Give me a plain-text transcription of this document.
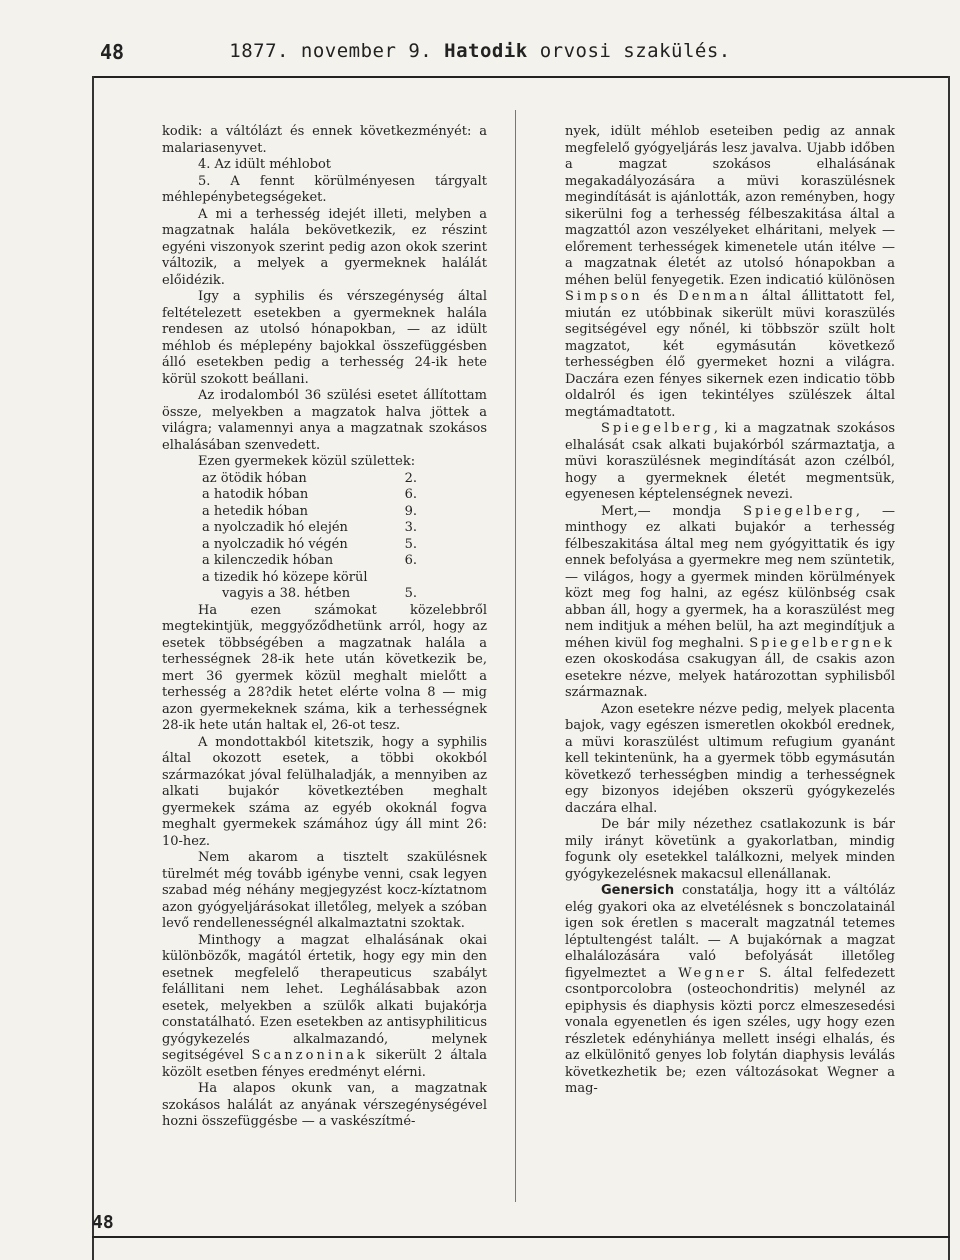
48	1877. november 9. Hatodik orvosi szakülés.
48

kodik: a váltólázt és ennek következményét: a malariasenyvet.

4. Az idült méhlobot

5. A fennt körülményesen tárgyalt méhlepénybetegségeket.

A mi a terhesség idejét illeti, melyben a magzatnak halála bekövetkezik, ez részint egyéni viszonyok szerint pedig azon okok szerint változik, a melyek a gyermeknek halálát előidézik.

Igy a syphilis és vérszegénység által feltételezett esetekben a gyermeknek halála rendesen az utolsó hónapokban, — az idült méhlob és méplepény bajokkal összefüggésben álló esetekben pedig a terhesség 24-ik hete körül szokott beállani.

Az irodalomból 36 szülési esetet állítottam össze, melyekben a magzatok halva jöttek a világra; valamennyi anya a magzatnak szokásos elhalásában szenvedett.

Ezen gyermekek közül születtek:

az ötödik hóban	2.
a hatodik hóban	6.
a hetedik hóban	9.
a nyolczadik hó elején	3.
a nyolczadik hó végén	5.
a kilenczedik hóban	6.
a tizedik hó közepe körül
vagyis a 38. hétben	5.

Ha ezen számokat közelebbről megtekintjük, meggyőződhetünk arról, hogy az esetek többségében a magzatnak halála a terhességnek 28-ik hete után következik be, mert 36 gyermek közül meghalt mielőtt a terhesség a 28?dik hetet elérte volna 8 — mig azon gyermekeknek száma, kik a terhességnek 28-ik hete után haltak el, 26-ot tesz.

A mondottakból kitetszik, hogy a syphilis által okozott esetek, a többi okokból származókat jóval felülhaladják, a mennyiben az alkati bujakór következtében meghalt gyermekek száma az egyéb okoknál fogva meghalt gyermekek számához úgy áll mint 26: 10-hez.

Nem akarom a tisztelt szakülésnek türelmét még tovább igénybe venni, csak legyen szabad még néhány megjegyzést kocz-kíztatnom azon gyógyeljárásokat illetőleg, melyek a szóban levő rendellenességnél alkalmaztatni szoktak.

Minthogy a magzat elhalásának okai különbözők, magától értetik, hogy egy min den esetnek megfelelő therapeuticus szabályt felállitani nem lehet. Leghálásabbak azon esetek, melyekben a szülők alkati bujakórja constatálható. Ezen esetekben az antisyphiliticus gyógykezelés alkalmazandó, melynek segitségével Scanzoninak sikerült 2 általa közölt esetben fényes eredményt elérni.

Ha alapos okunk van, a magzatnak szokásos halálát az anyának vérszegénységével hozni összefüggésbe — a vaskészítmé-

nyek, idült méhlob eseteiben pedig az annak megfelelő gyógyeljárás lesz javalva. Ujabb időben a magzat szokásos elhalásának megakadályozására a müvi koraszülésnek megindítását is ajánlották, azon reményben, hogy sikerülni fog a terhesség félbeszakitása által a magzattól azon veszélyeket elháritani, melyek — előrement terhességek kimenetele után itélve — a magzatnak életét az utolsó hónapokban a méhen belül fenyegetik. Ezen indicatió különösen Simpson és Denman által állittatott fel, miután ez utóbbinak sikerült müvi koraszülés segitségével egy nőnél, ki többször szült holt magzatot, két egymásután következő terhességben élő gyermeket hozni a világra. Daczára ezen fényes sikernek ezen indicatio több oldalról és igen tekintélyes szülészek által megtámadtatott.

Spiegelberg, ki a magzatnak szokásos elhalását csak alkati bujakórból származtatja, a müvi koraszülésnek megindítását azon czélból, hogy a gyermeknek életét megmentsük, egyenesen képtelenségnek nevezi.

Mert,— mondja Spiegelberg, — minthogy ez alkati bujakór a terhesség félbeszakitása által meg nem gyógyittatik és igy ennek befolyása a gyermekre meg nem szüntetik, — világos, hogy a gyermek minden körülmények közt meg fog halni, az egész különbség csak abban áll, hogy a gyermek, ha a koraszülést meg nem inditjuk a méhen belül, ha azt megindítjuk a méhen kivül fog meghalni. Spiegelbergnek ezen okoskodása csakugyan áll, de csakis azon esetekre nézve, melyek határozottan syphilisből származnak.

Azon esetekre nézve pedig, melyek placenta bajok, vagy egészen ismeretlen okokból erednek, a müvi koraszülést ultimum refugium gyanánt kell tekintenünk, ha a gyermek több egymásután következő terhességben mindig a terhességnek egy bizonyos idejében okszerü gyógykezelés daczára elhal.

De bár mily nézethez csatlakozunk is bár mily irányt követünk a gyakorlatban, mindig fogunk oly esetekkel találkozni, melyek minden gyógykezelésnek makacsul ellenállanak.

Genersich constatálja, hogy itt a váltóláz elég gyakori oka az elvetélésnek s bonczolatainál igen sok éretlen s maceralt magzatnál tetemes léptultengést talált. — A bujakórnak a magzat elhalálozására való befolyását illetőleg figyelmeztet a Wegner S. által felfedezett csontporcolobra (osteochondritis) melynél az epiphysis és diaphysis közti porcz elmeszesedési vonala egyenetlen és igen széles, ugy hogy ezen részletek edényhiánya mellett inségi elhalás, és az elkülönitő genyes lob folytán diaphysis leválás következhetik be; ezen változásokat Wegner a mag-
